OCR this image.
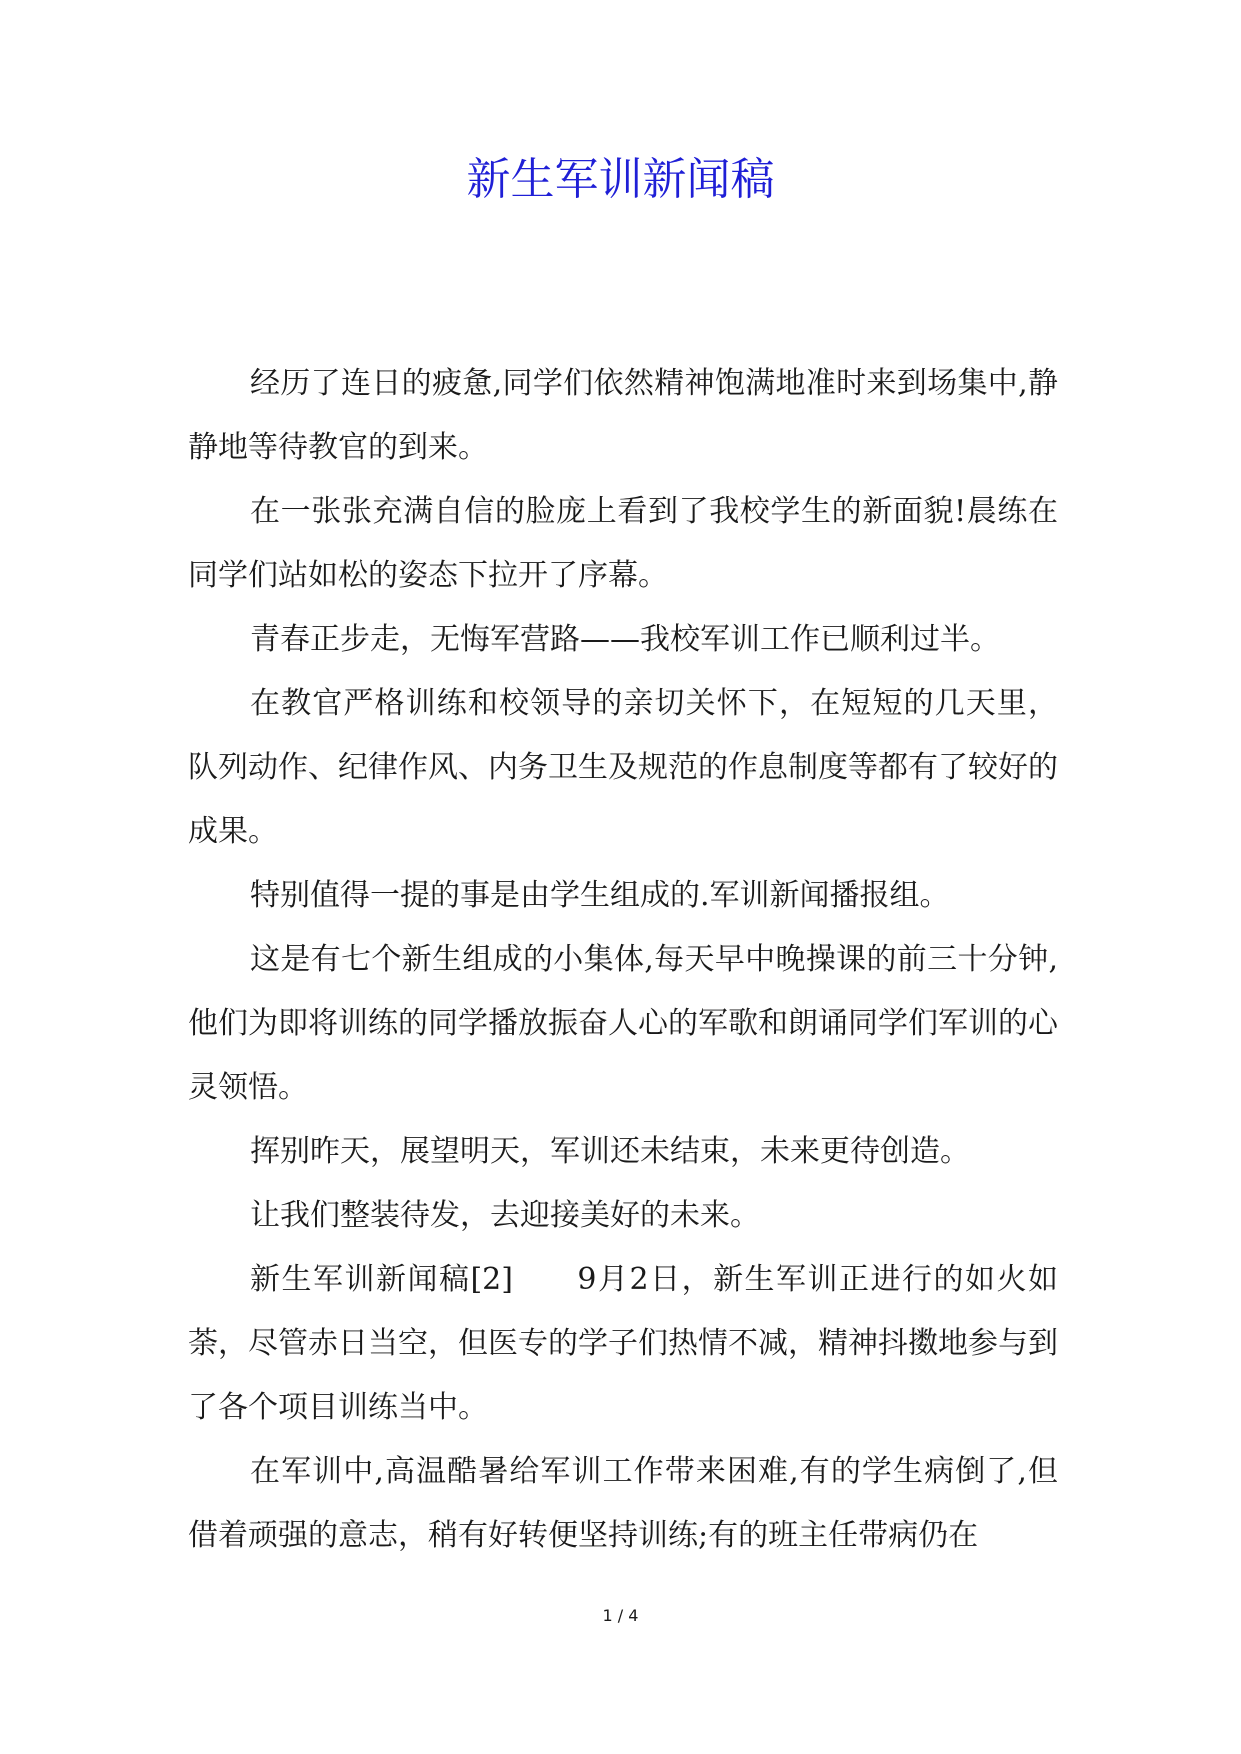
新生军训新闻稿

经历了连日的疲惫,同学们依然精神饱满地准时来到场集中,静静地等待教官的到来。

在一张张充满自信的脸庞上看到了我校学生的新面貌!晨练在同学们站如松的姿态下拉开了序幕。

青春正步走，无悔军营路——我校军训工作已顺利过半。

在教官严格训练和校领导的亲切关怀下，在短短的几天里，队列动作、纪律作风、内务卫生及规范的作息制度等都有了较好的成果。

特别值得一提的事是由学生组成的.军训新闻播报组。

这是有七个新生组成的小集体,每天早中晚操课的前三十分钟,他们为即将训练的同学播放振奋人心的军歌和朗诵同学们军训的心灵领悟。

挥别昨天，展望明天，军训还未结束，未来更待创造。

让我们整装待发，去迎接美好的未来。

新生军训新闻稿[2]　　9月2日，新生军训正进行的如火如荼，尽管赤日当空，但医专的学子们热情不减，精神抖擞地参与到了各个项目训练当中。

在军训中,高温酷暑给军训工作带来困难,有的学生病倒了,但借着顽强的意志，稍有好转便坚持训练;有的班主任带病仍在

1 / 4
